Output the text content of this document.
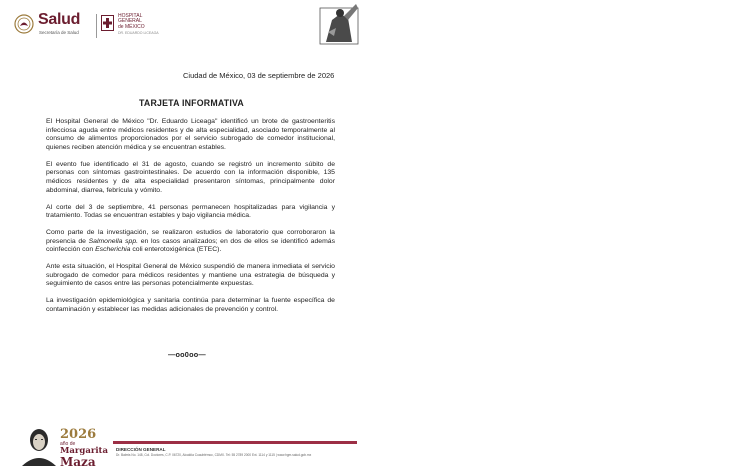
Salud
Secretaría de Salud
HOSPITAL
GENERAL
de MÉXICO
DR. EDUARDO LICEAGA
Ciudad de México, 03 de septiembre de 2026
TARJETA INFORMATIVA

El Hospital General de México "Dr. Eduardo Liceaga" identificó un brote de gastroenteritis infecciosa aguda entre médicos residentes y de alta especialidad, asociado temporalmente al consumo de alimentos proporcionados por el servicio subrogado de comedor institucional, quienes reciben atención médica y se encuentran estables.

El evento fue identificado el 31 de agosto, cuando se registró un incremento súbito de personas con síntomas gastrointestinales. De acuerdo con la información disponible, 135 médicos residentes y de alta especialidad presentaron síntomas, principalmente dolor abdominal, diarrea, febrícula y vómito.

Al corte del 3 de septiembre, 41 personas permanecen hospitalizadas para vigilancia y tratamiento. Todas se encuentran estables y bajo vigilancia médica.

Como parte de la investigación, se realizaron estudios de laboratorio que corroboraron la presencia de Salmonella spp. en los casos analizados; en dos de ellos se identificó además coinfección con Escherichia coli enterotoxigénica (ETEC).

Ante esta situación, el Hospital General de México suspendió de manera inmediata el servicio subrogado de comedor para médicos residentes y mantiene una estrategia de búsqueda y seguimiento de casos entre las personas potencialmente expuestas.

La investigación epidemiológica y sanitaria continúa para determinar la fuente específica de contaminación y establecer las medidas adicionales de prevención y control.

—oo0oo—
2026
año de
Margarita
Maza
DIRECCIÓN GENERAL
Dr. Balmis No. 148, Col. Doctores, C.P. 06720, Alcaldía Cuauhtémoc, CDMX. Tel: 55 2789 2000 Ext. 1114 y 1115 | www.hgm.salud.gob.mx
